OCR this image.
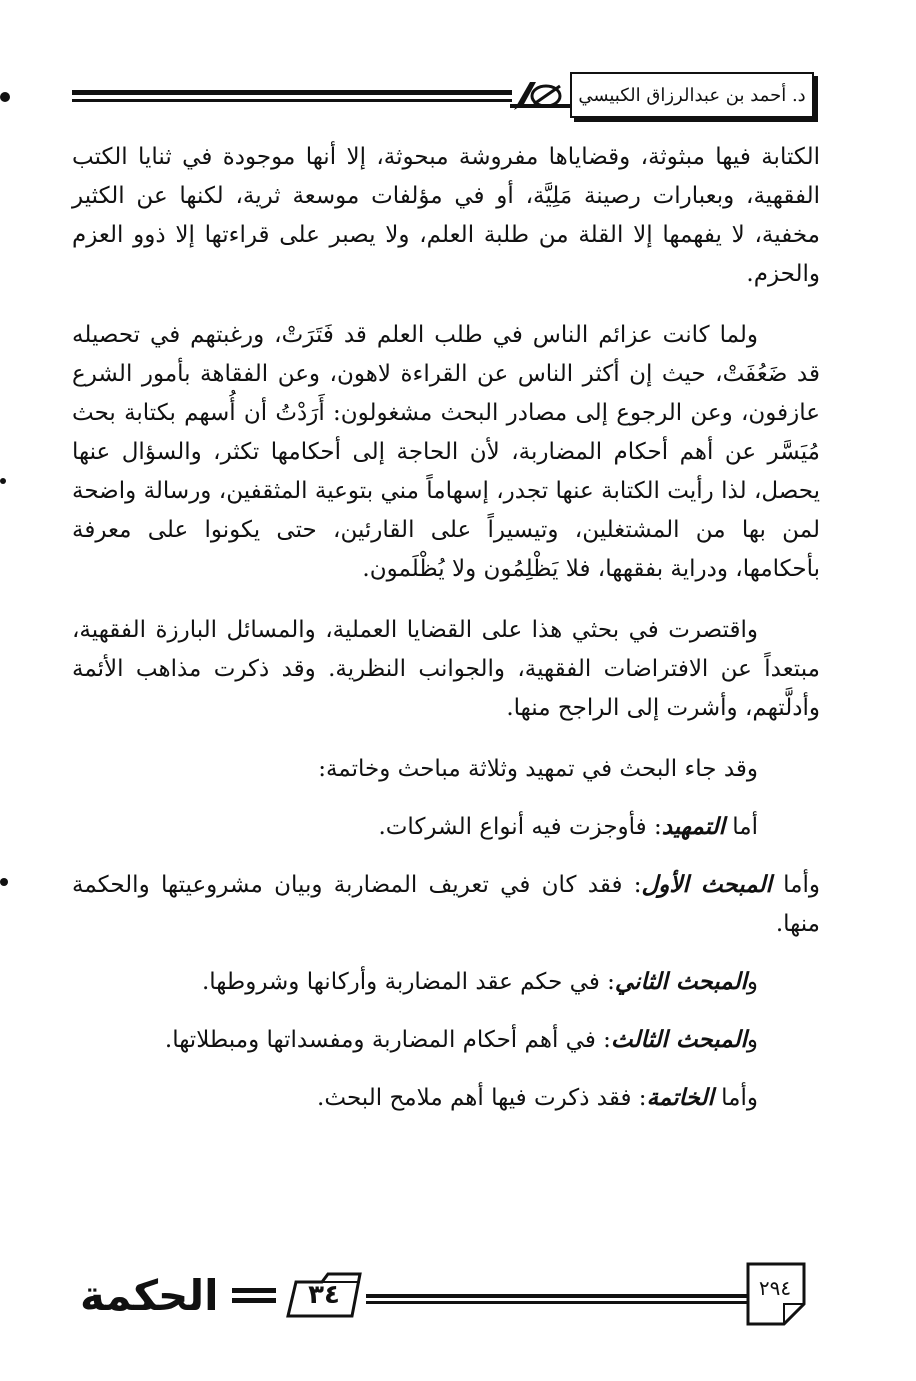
د. أحمد بن عبدالرزاق الكبيسي

الكتابة فيها مبثوثة، وقضاياها مفروشة مبحوثة، إلا أنها موجودة في ثنايا الكتب الفقهية، وبعبارات رصينة مَلِيَّة، أو في مؤلفات موسعة ثرية، لكنها عن الكثير مخفية، لا يفهمها إلا القلة من طلبة العلم، ولا يصبر على قراءتها إلا ذوو العزم والحزم.

ولما كانت عزائم الناس في طلب العلم قد فَتَرَتْ، ورغبتهم في تحصيله قد ضَعُفَتْ، حيث إن أكثر الناس عن القراءة لاهون، وعن الفقاهة بأمور الشرع عازفون، وعن الرجوع إلى مصادر البحث مشغولون: أَرَدْتُ أن أُسهم بكتابة بحث مُيَسَّر عن أهم أحكام المضاربة، لأن الحاجة إلى أحكامها تكثر، والسؤال عنها يحصل، لذا رأيت الكتابة عنها تجدر، إسهاماً مني بتوعية المثقفين، ورسالة واضحة لمن بها من المشتغلين، وتيسيراً على القارئين، حتى يكونوا على معرفة بأحكامها، ودراية بفقهها، فلا يَظْلِمُون ولا يُظْلَمون.

واقتصرت في بحثي هذا على القضايا العملية، والمسائل البارزة الفقهية، مبتعداً عن الافتراضات الفقهية، والجوانب النظرية. وقد ذكرت مذاهب الأئمة وأدلَّتهم، وأشرت إلى الراجح منها.

وقد جاء البحث في تمهيد وثلاثة مباحث وخاتمة:

أما التمهيد: فأوجزت فيه أنواع الشركات.

وأما المبحث الأول: فقد كان في تعريف المضاربة وبيان مشروعيتها والحكمة منها.

والمبحث الثاني: في حكم عقد المضاربة وأركانها وشروطها.

والمبحث الثالث: في أهم أحكام المضاربة ومفسداتها ومبطلاتها.

وأما الخاتمة: فقد ذكرت فيها أهم ملامح البحث.

الحكمة	٣٤	٢٩٤
